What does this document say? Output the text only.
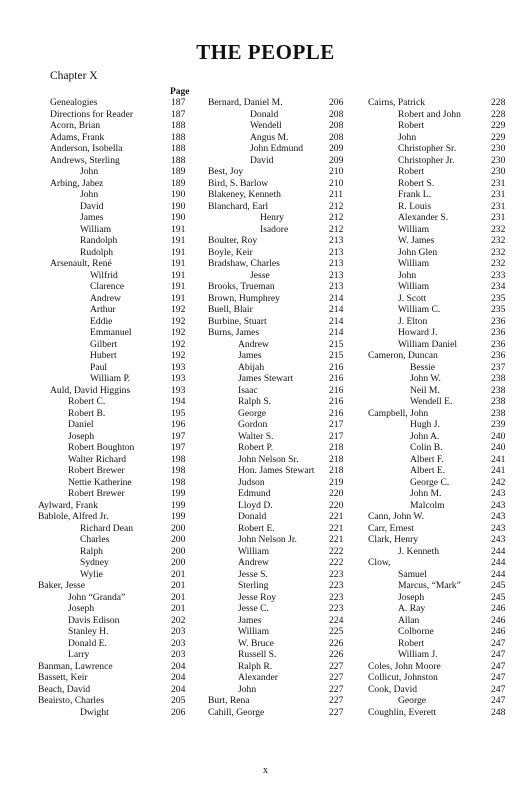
THE PEOPLE
Chapter X
Page
Genealogies	187
Directions for Reader	187
Acorn, Brian	188
Adams, Frank	188
Anderson, Isobella	188
Andrews, Sterling	188
John	189
Arbing, Jabez	189
John	190
David	190
James	190
William	191
Randolph	191
Rudolph	191
Arsenault, René	191
Wilfrid	191
Clarence	191
Andrew	191
Arthur	192
Eddie	192
Emmanuel	192
Gilbert	192
Hubert	192
Paul	193
William P.	193
Auld, David Higgins	193
Robert C.	194
Robert B.	195
Daniel	196
Joseph	197
Robert Boughton	197
Walter Richard	198
Robert Brewer	198
Nettie Katherine	198
Robert Brewer	199
Aylward, Frank	199
Bablole, Alfred Jr.	199
Richard Dean	200
Charles	200
Ralph	200
Sydney	200
Wylie	201
Baker, Jesse	201
John “Granda”	201
Joseph	201
Davis Edison	202
Stanley H.	203
Donald E.	203
Larry	203
Banman, Lawrence	204
Bassett, Keir	204
Beach, David	204
Beairsto, Charles	205
Dwight	206
Bernard, Daniel M.	206
Donald	208
Wendell	208
Angus M.	208
John Edmund	209
David	209
Best, Joy	210
Bird, S. Barlow	210
Blakeney, Kenneth	211
Blanchard, Earl	212
Henry	212
Isadore	212
Boulter, Roy	213
Boyle, Keir	213
Bradshaw, Charles	213
Jesse	213
Brooks, Trueman	213
Brown, Humphrey	214
Buell, Blair	214
Burbine, Stuart	214
Burns, James	214
Andrew	215
James	215
Abijah	216
James Stewart	216
Isaac	216
Ralph S.	216
George	216
Gordon	217
Walter S.	217
Robert P.	218
John Nelson Sr.	218
Hon. James Stewart 218
Judson	219
Edmund	220
Lloyd D.	220
Donald	221
Robert E.	221
John Nelson Jr.	221
William	222
Andrew	222
Jesse S.	223
Sterling	223
Jesse Roy	223
Jesse C.	223
James	224
William	225
W. Bruce	226
Russell S.	226
Ralph R.	227
Alexander	227
John	227
Burt, Rena	227
Cahill, George	227
Cairns, Patrick	228
Robert and John	228
Robert	229
John	229
Christopher Sr.	230
Christopher Jr.	230
Robert	230
Robert S.	231
Frank L.	231
R. Louis	231
Alexander S.	231
William	232
W. James	232
John Glen	232
William	232
John	233
William	234
J. Scott	235
William C.	235
J. Elton	236
Howard J.	236
William Daniel	236
Cameron, Duncan	236
Bessie	237
John W.	238
Neil M.	238
Wendell E.	238
Campbell, John	238
Hugh J.	239
John A.	240
Colin B.	240
Albert F.	241
Albert E.	241
George C.	242
John M.	243
Malcolm	243
Cann, John W.	243
Carr, Ernest	243
Clark, Henry	243
J. Kenneth	244
Clow,	244
Samuel	244
Marcus, “Mark”	245
Joseph	245
A. Ray	246
Allan	246
Colborne	246
Robert	247
William J.	247
Coles, John Moore	247
Collicut, Johnston	247
Cook, David	247
George	247
Coughlin, Everett	248
x
